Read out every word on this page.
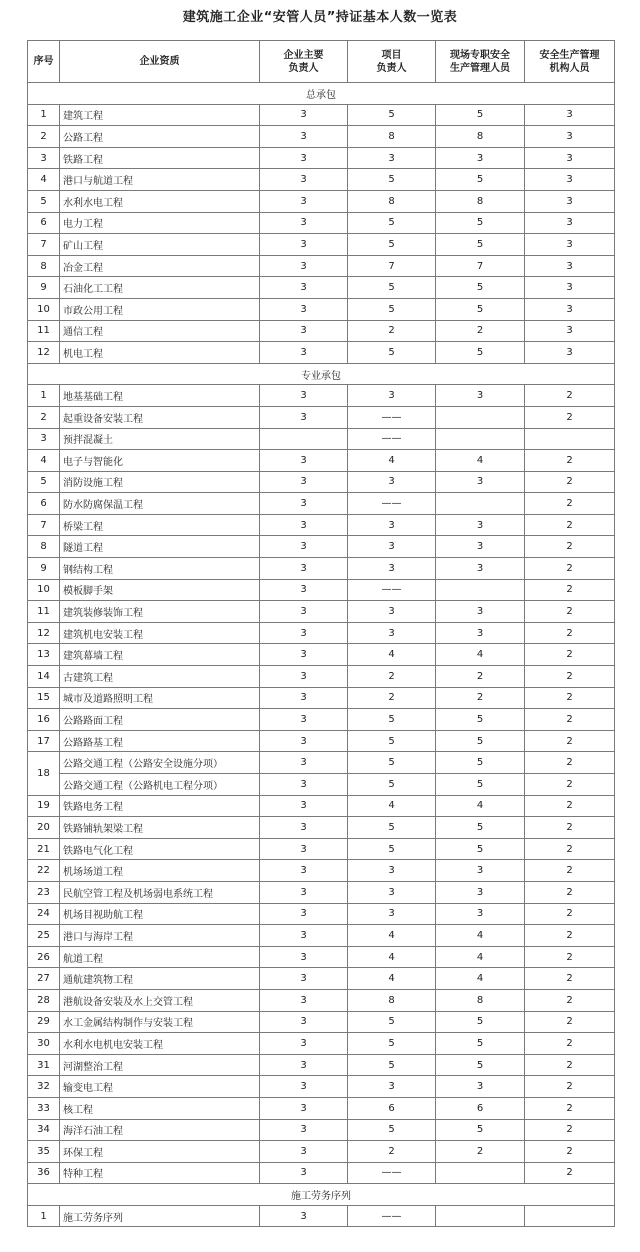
建筑施工企业“安管人员”持证基本人数一览表
序号	企业资质	企业主要
负责人	项目
负责人	现场专职安全
生产管理人员	安全生产管理
机构人员
总承包					
1	建筑工程	3	5	5	3
2	公路工程	3	8	8	3
3	铁路工程	3	3	3	3
4	港口与航道工程	3	5	5	3
5	水利水电工程	3	8	8	3
6	电力工程	3	5	5	3
7	矿山工程	3	5	5	3
8	冶金工程	3	7	7	3
9	石油化工工程	3	5	5	3
10	市政公用工程	3	5	5	3
11	通信工程	3	2	2	3
12	机电工程	3	5	5	3
专业承包					
1	地基基础工程	3	3	3	2
2	起重设备安装工程	3	——		2
3	预拌混凝土		——		
4	电子与智能化	3	4	4	2
5	消防设施工程	3	3	3	2
6	防水防腐保温工程	3	——		2
7	桥梁工程	3	3	3	2
8	隧道工程	3	3	3	2
9	钢结构工程	3	3	3	2
10	模板脚手架	3	——		2
11	建筑装修装饰工程	3	3	3	2
12	建筑机电安装工程	3	3	3	2
13	建筑幕墙工程	3	4	4	2
14	古建筑工程	3	2	2	2
15	城市及道路照明工程	3	2	2	2
16	公路路面工程	3	5	5	2
17	公路路基工程	3	5	5	2
18	公路交通工程（公路安全设施分项）	3	5	5	2
	公路交通工程（公路机电工程分项）	3	5	5	2
19	铁路电务工程	3	4	4	2
20	铁路铺轨架梁工程	3	5	5	2
21	铁路电气化工程	3	5	5	2
22	机场场道工程	3	3	3	2
23	民航空管工程及机场弱电系统工程	3	3	3	2
24	机场目视助航工程	3	3	3	2
25	港口与海岸工程	3	4	4	2
26	航道工程	3	4	4	2
27	通航建筑物工程	3	4	4	2
28	港航设备安装及水上交管工程	3	8	8	2
29	水工金属结构制作与安装工程	3	5	5	2
30	水利水电机电安装工程	3	5	5	2
31	河湖整治工程	3	5	5	2
32	输变电工程	3	3	3	2
33	核工程	3	6	6	2
34	海洋石油工程	3	5	5	2
35	环保工程	3	2	2	2
36	特种工程	3	——		2
施工劳务序列					
1	施工劳务序列	3	——		
